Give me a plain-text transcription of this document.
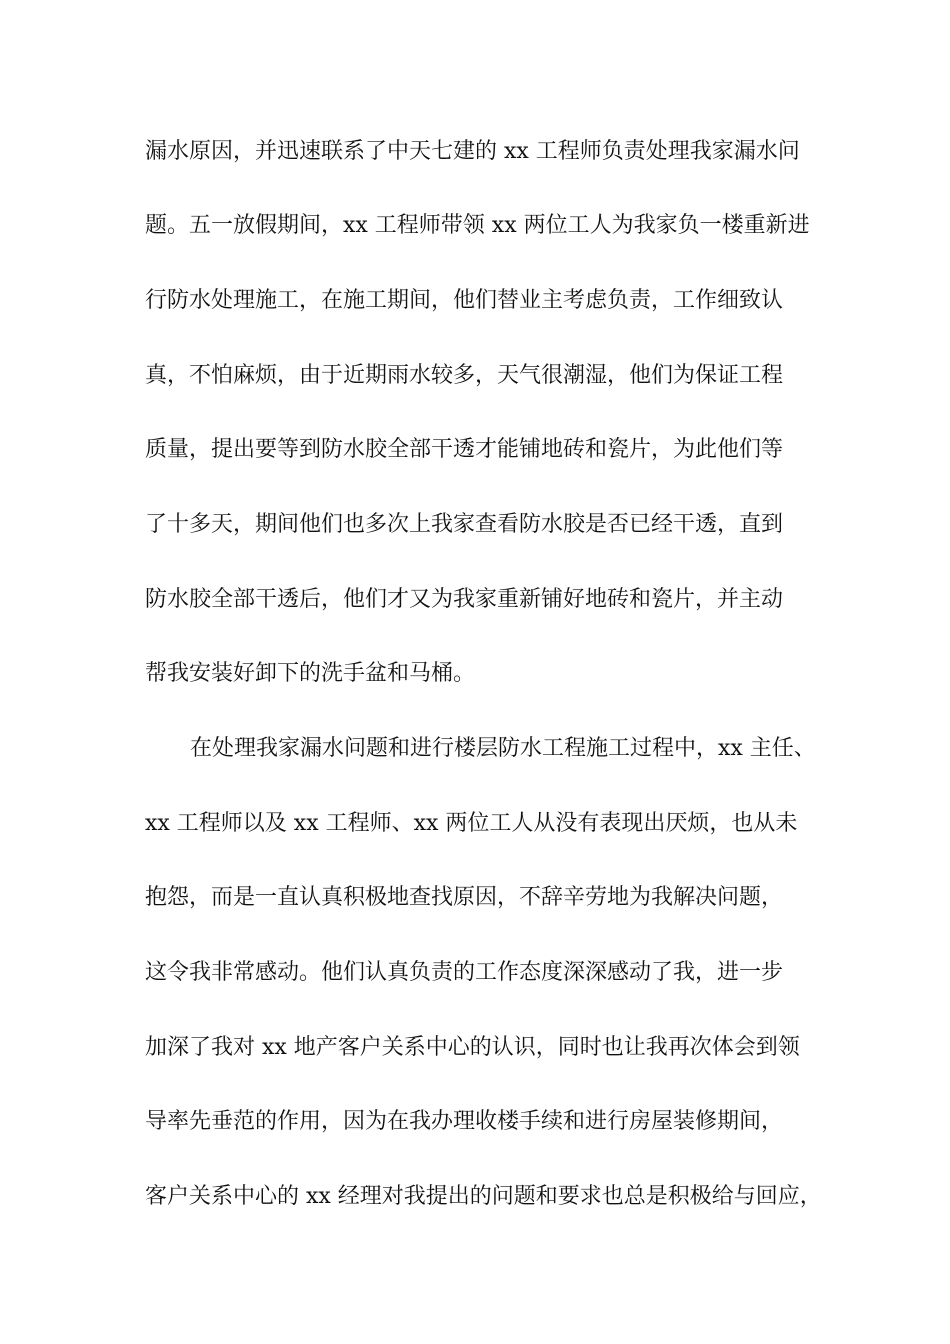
漏水原因，并迅速联系了中天七建的 xx 工程师负责处理我家漏水问

题。五一放假期间，xx 工程师带领 xx 两位工人为我家负一楼重新进

行防水处理施工，在施工期间，他们替业主考虑负责，工作细致认

真，不怕麻烦，由于近期雨水较多，天气很潮湿，他们为保证工程

质量，提出要等到防水胶全部干透才能铺地砖和瓷片，为此他们等

了十多天，期间他们也多次上我家查看防水胶是否已经干透，直到

防水胶全部干透后，他们才又为我家重新铺好地砖和瓷片，并主动

帮我安装好卸下的洗手盆和马桶。

在处理我家漏水问题和进行楼层防水工程施工过程中，xx 主任、

xx 工程师以及 xx 工程师、xx 两位工人从没有表现出厌烦，也从未

抱怨，而是一直认真积极地查找原因，不辞辛劳地为我解决问题，

这令我非常感动。他们认真负责的工作态度深深感动了我，进一步

加深了我对 xx 地产客户关系中心的认识，同时也让我再次体会到领

导率先垂范的作用，因为在我办理收楼手续和进行房屋装修期间，

客户关系中心的 xx 经理对我提出的问题和要求也总是积极给与回应，
